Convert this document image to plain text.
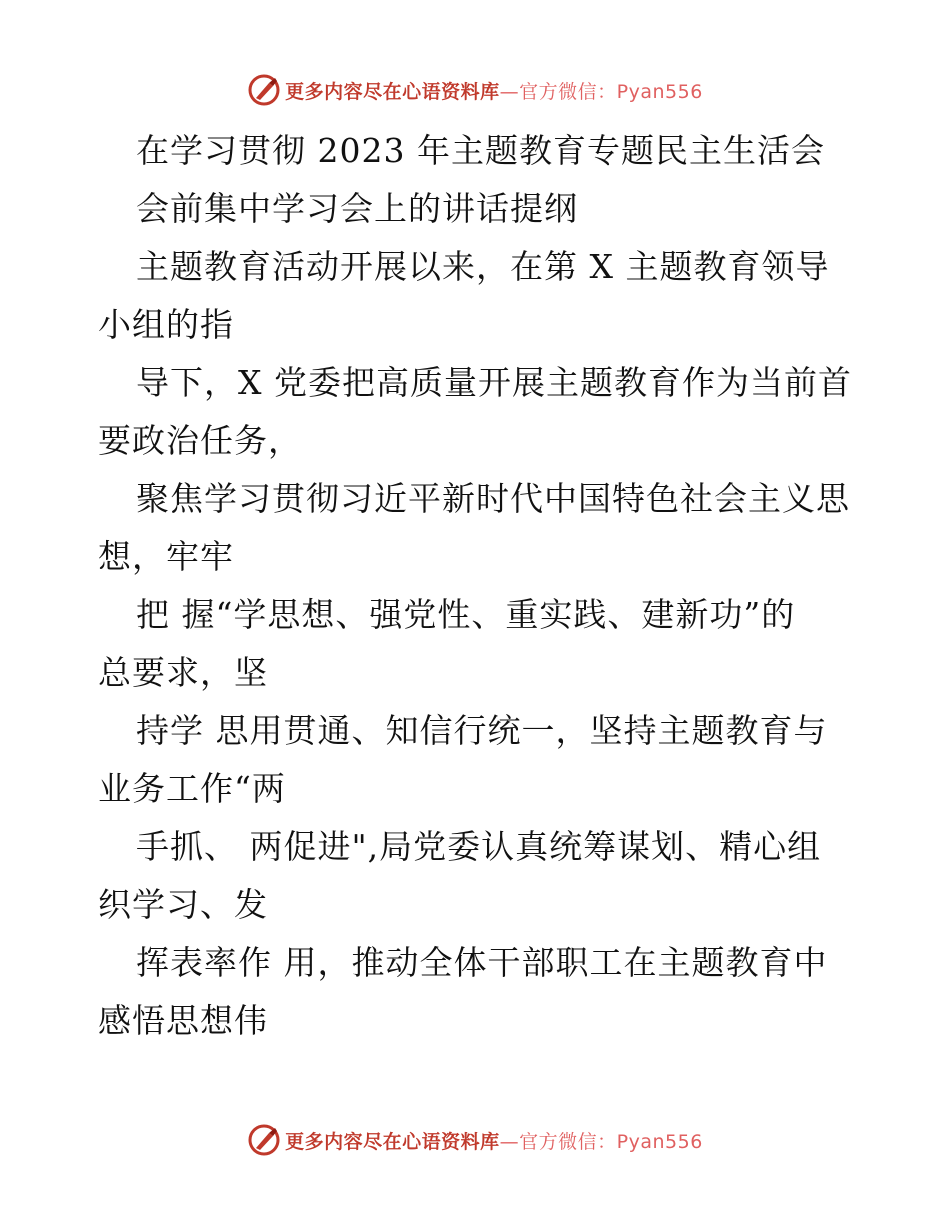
更多内容尽在心语资料库—官方微信：Pyan556
在学习贯彻 2023 年主题教育专题民主生活会
会前集中学习会上的讲话提纲
主题教育活动开展以来，在第 X 主题教育领导
小组的指
导下，X 党委把高质量开展主题教育作为当前首
要政治任务，
聚焦学习贯彻习近平新时代中国特色社会主义思
想，牢牢
把 握“学思想、强党性、重实践、建新功”的
总要求，坚
持学 思用贯通、知信行统一，坚持主题教育与
业务工作“两
手抓、 两促进",局党委认真统筹谋划、精心组
织学习、发
挥表率作 用，推动全体干部职工在主题教育中
感悟思想伟
更多内容尽在心语资料库—官方微信：Pyan556
